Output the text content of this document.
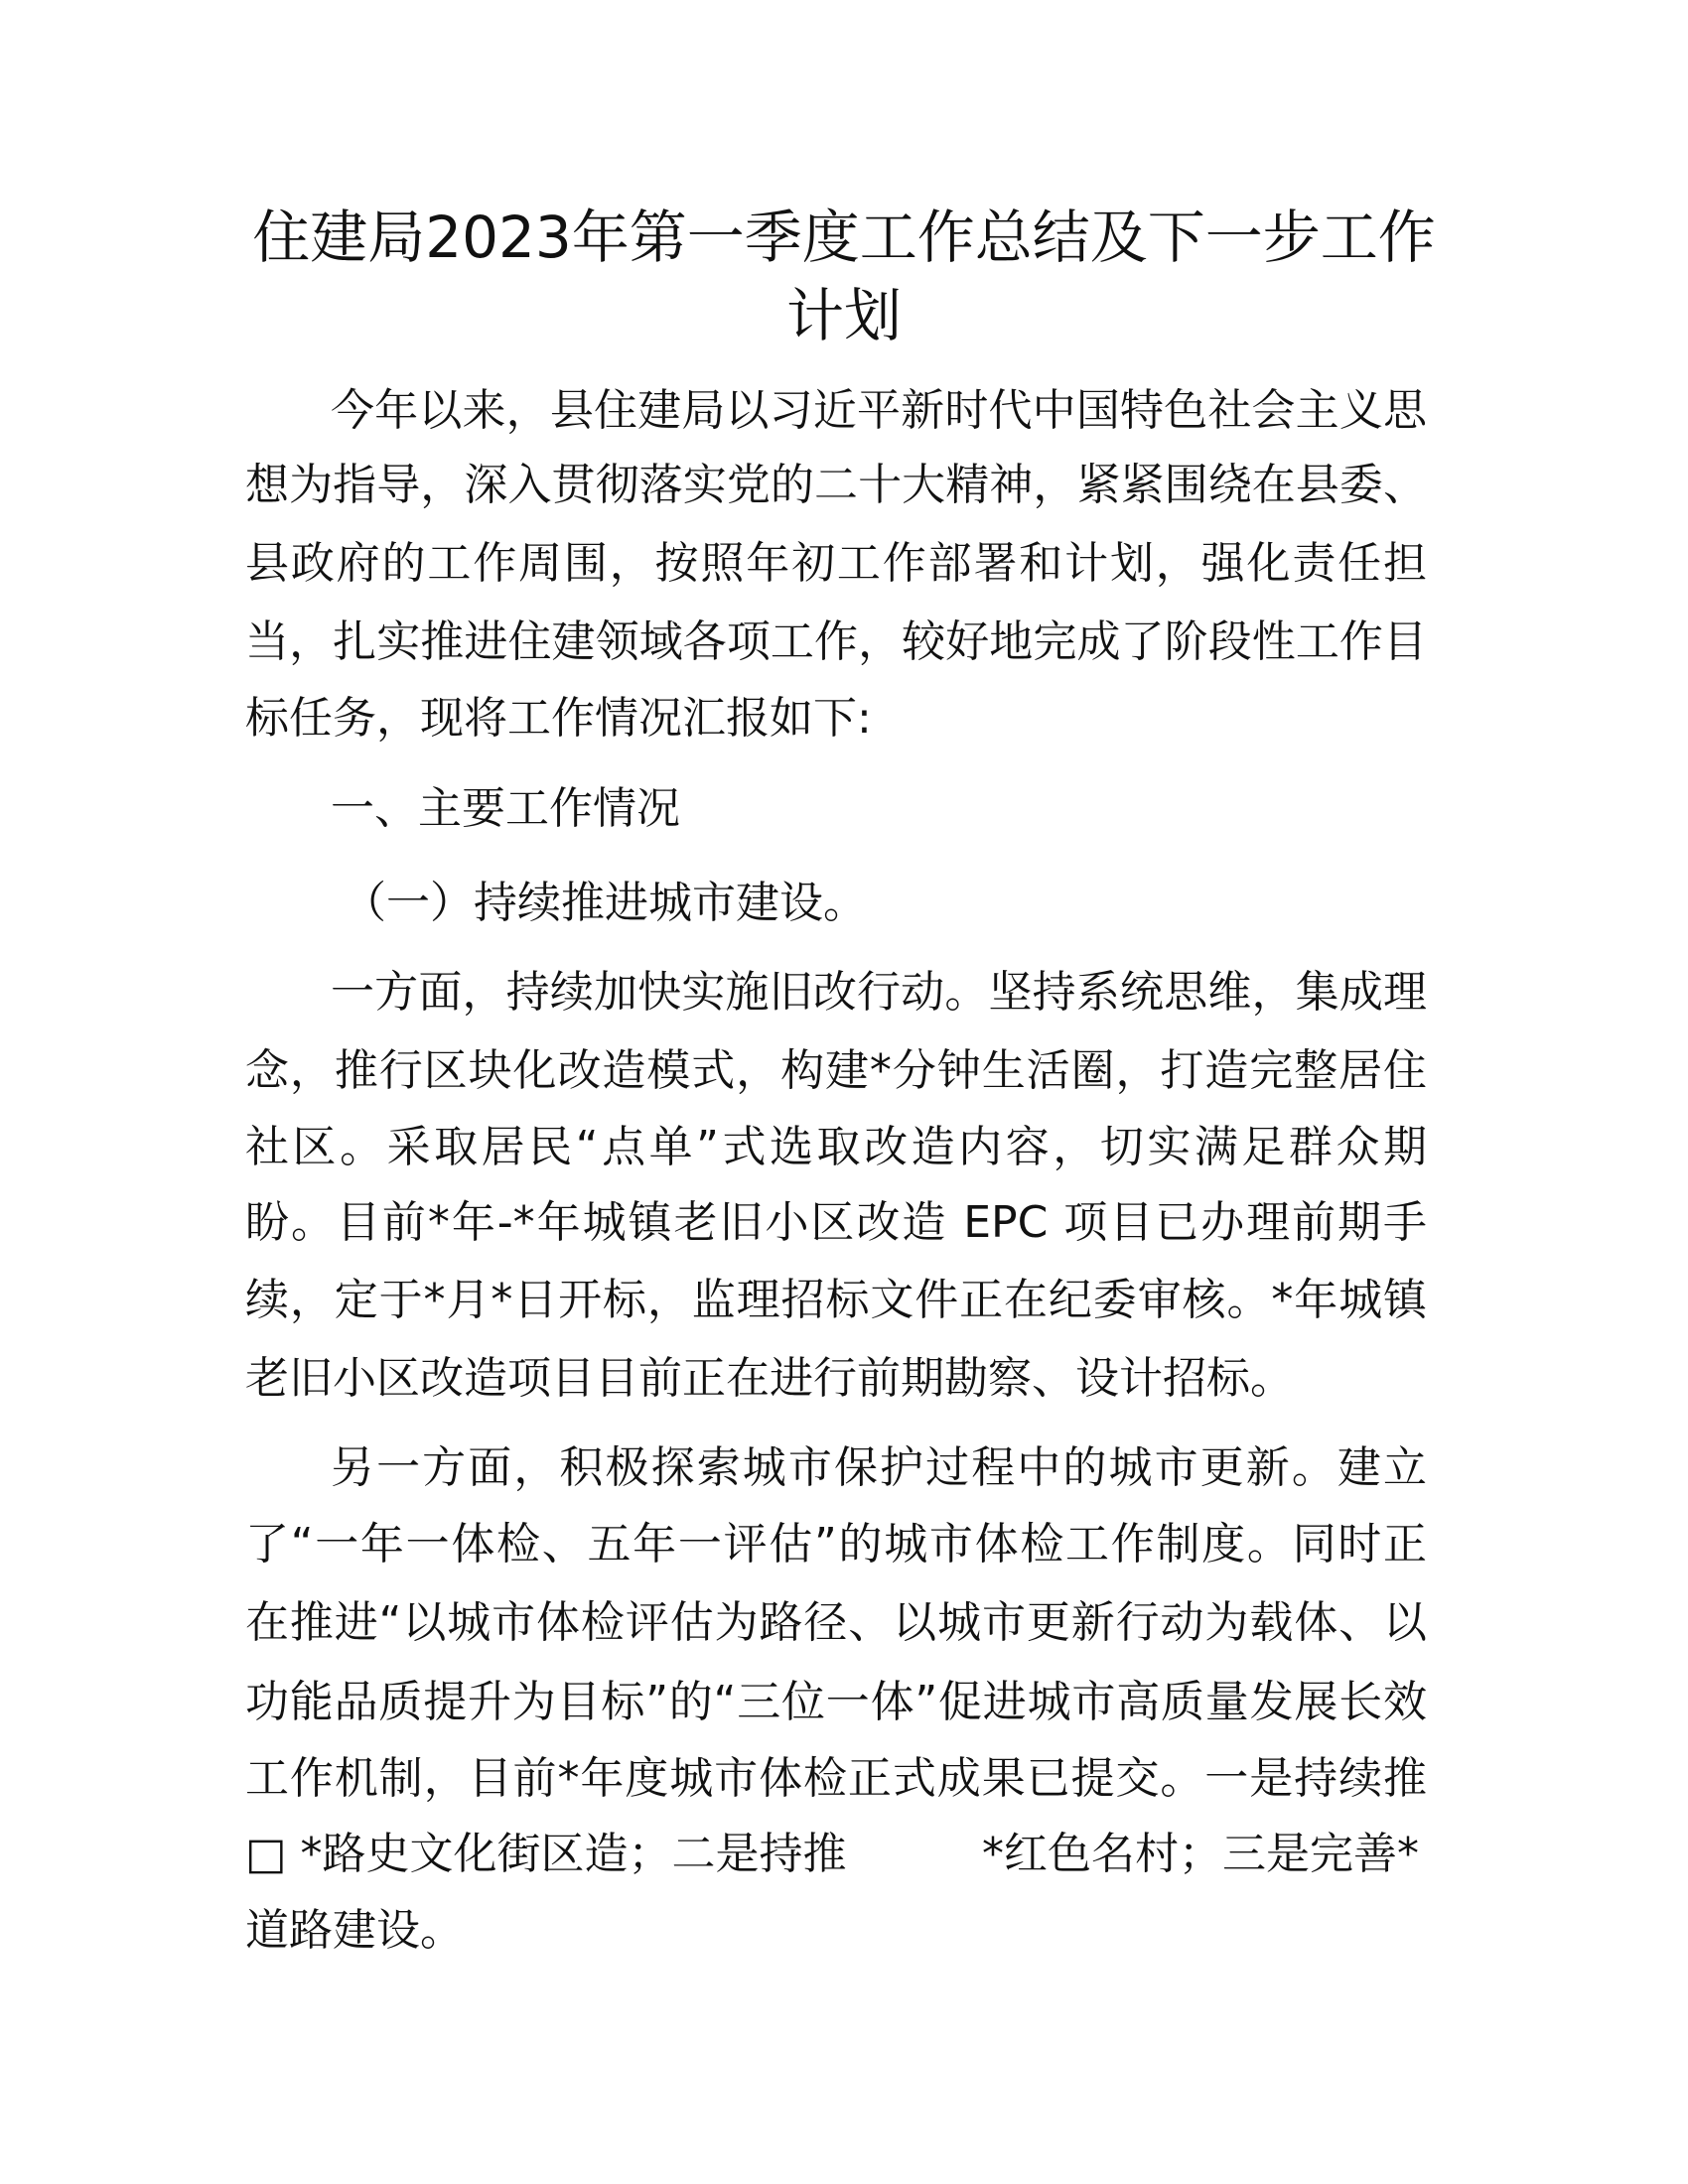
住建局2023年第一季度工作总结及下一步工作
计划
今年以来，县住建局以习近平新时代中国特色社会主义思
想为指导，深入贯彻落实党的二十大精神，紧紧围绕在县委、
县政府的工作周围，按照年初工作部署和计划，强化责任担
当，扎实推进住建领域各项工作，较好地完成了阶段性工作目
标任务，现将工作情况汇报如下:
一方面，持续加快实施旧改行动。坚持系统思维，集成理
念，推行区块化改造模式，构建*分钟生活圈，打造完整居住
社区。采取居民“点单”式选取改造内容，切实满足群众期
盼。目前*年-*年城镇老旧小区改造 EPC 项目已办理前期手
续，定于*月*日开标，监理招标文件正在纪委审核。*年城镇
老旧小区改造项目目前正在进行前期勘察、设计招标。
另一方面，积极探索城市保护过程中的城市更新。建立
了“一年一体检、五年一评估”的城市体检工作制度。同时正
在推进“以城市体检评估为路径、以城市更新行动为载体、以
功能品质提升为目标”的“三位一体”促进城市高质量发展长效
工作机制，目前*年度城市体检正式成果已提交。一是持续推
一、主要工作情况
（一）持续推进城市建设。
道路建设。
□ *路史文化街区造；二是持推	*红色名村；三是完善*
